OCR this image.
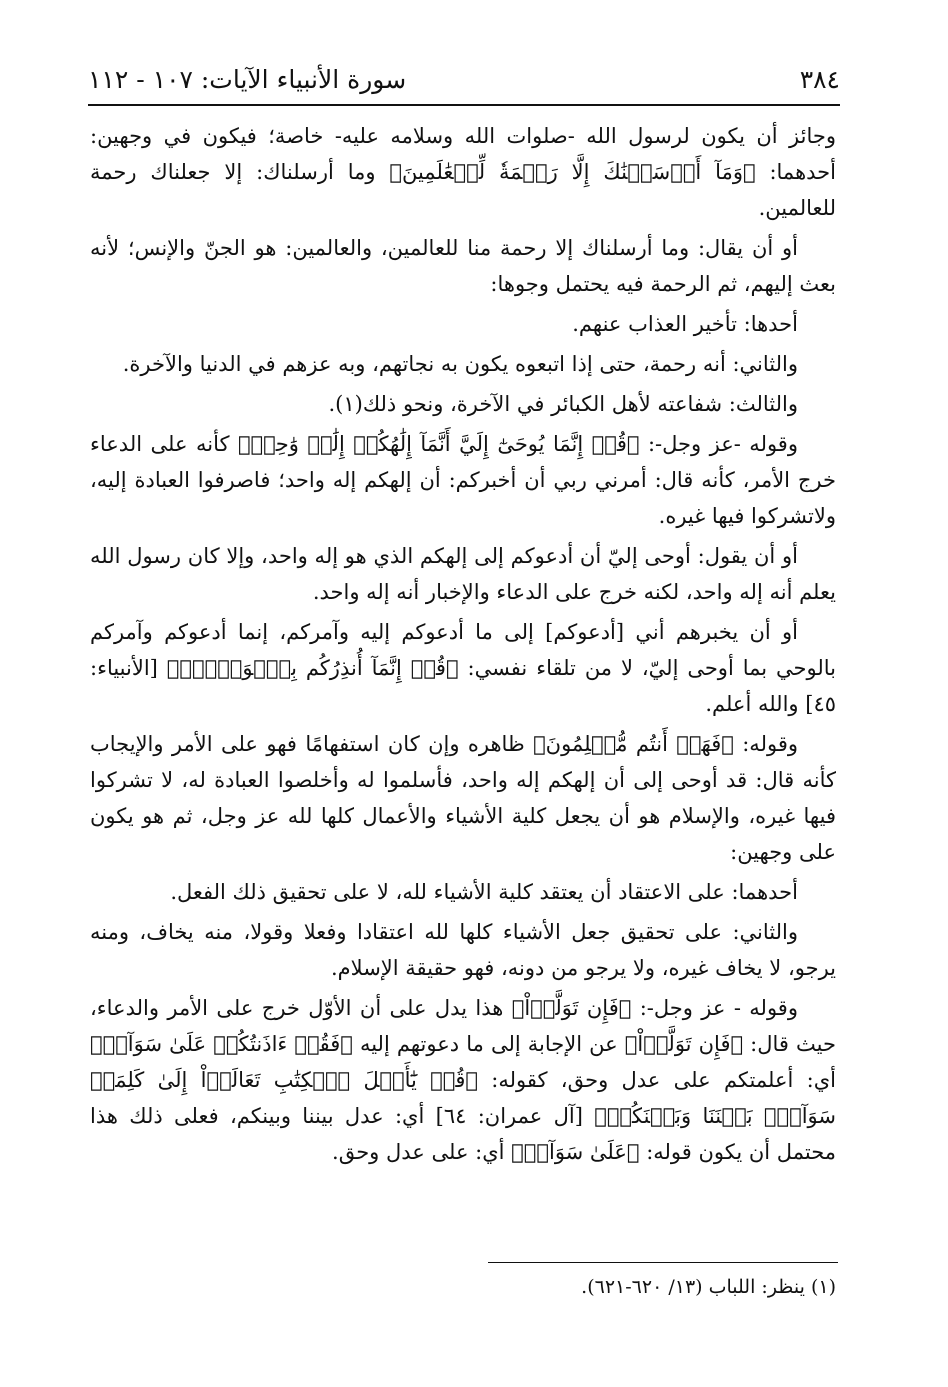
٣٨٤
سورة الأنبياء الآيات: ١٠٧ - ١١٢

وجائز أن يكون لرسول الله -صلوات الله وسلامه عليه- خاصة؛ فيكون في وجهين: أحدهما: ﴿وَمَآ أَرۡسَلۡنَٰكَ إِلَّا رَحۡمَةٗ لِّلۡعَٰلَمِينَ﴾ وما أرسلناك: إلا جعلناك رحمة للعالمين.

أو أن يقال: وما أرسلناك إلا رحمة منا للعالمين، والعالمين: هو الجنّ والإنس؛ لأنه بعث إليهم، ثم الرحمة فيه يحتمل وجوها:

أحدها: تأخير العذاب عنهم.

والثاني: أنه رحمة، حتى إذا اتبعوه يكون به نجاتهم، وبه عزهم في الدنيا والآخرة.

والثالث: شفاعته لأهل الكبائر في الآخرة، ونحو ذلك(١).

وقوله -عز وجل-: ﴿قُلۡ إِنَّمَا يُوحَىٰٓ إِلَيَّ أَنَّمَآ إِلَٰهُكُمۡ إِلَٰهٞ وَٰحِدٞ﴾ كأنه على الدعاء خرج الأمر، كأنه قال: أمرني ربي أن أخبركم: أن إلهكم إله واحد؛ فاصرفوا العبادة إليه، ولاتشركوا فيها غيره.

أو أن يقول: أوحى إليّ أن أدعوكم إلى إلهكم الذي هو إله واحد، وإلا كان رسول الله يعلم أنه إله واحد، لكنه خرج على الدعاء والإخبار أنه إله واحد.

أو أن يخبرهم أني [أدعوكم] إلى ما أدعوكم إليه وآمركم، إنما أدعوكم وآمركم بالوحي بما أوحى إليّ، لا من تلقاء نفسي: ﴿قُلۡ إِنَّمَآ أُنذِرُكُم بِٱلۡوَحۡيِۚ﴾ [الأنبياء: ٤٥] والله أعلم.

وقوله: ﴿فَهَلۡ أَنتُم مُّسۡلِمُونَ﴾ ظاهره وإن كان استفهامًا فهو على الأمر والإيجاب كأنه قال: قد أوحى إلى أن إلهكم إله واحد، فأسلموا له وأخلصوا العبادة له، لا تشركوا فيها غيره، والإسلام هو أن يجعل كلية الأشياء والأعمال كلها لله عز وجل، ثم هو يكون على وجهين:

أحدهما: على الاعتقاد أن يعتقد كلية الأشياء لله، لا على تحقيق ذلك الفعل.

والثاني: على تحقيق جعل الأشياء كلها لله اعتقادا وفعلا وقولا، منه يخاف، ومنه يرجو، لا يخاف غيره، ولا يرجو من دونه، فهو حقيقة الإسلام.

وقوله - عز وجل-: ﴿فَإِن تَوَلَّوۡاْ﴾ هذا يدل على أن الأوّل خرج على الأمر والدعاء، حيث قال: ﴿فَإِن تَوَلَّوۡاْ﴾ عن الإجابة إلى ما دعوتهم إليه ﴿فَقُلۡ ءَاذَنتُكُمۡ عَلَىٰ سَوَآءٖ﴾ أي: أعلمتكم على عدل وحق، كقوله: ﴿قُلۡ يَٰٓأَهۡلَ ٱلۡكِتَٰبِ تَعَالَوۡاْ إِلَىٰ كَلِمَةٖ سَوَآءِۭ بَيۡنَنَا وَبَيۡنَكُمۡ﴾ [آل عمران: ٦٤] أي: عدل بيننا وبينكم، فعلى ذلك هذا محتمل أن يكون قوله: ﴿عَلَىٰ سَوَآءٖ﴾ أي: على عدل وحق.

(١) ينظر: اللباب (١٣/ ٦٢٠-٦٢١).
